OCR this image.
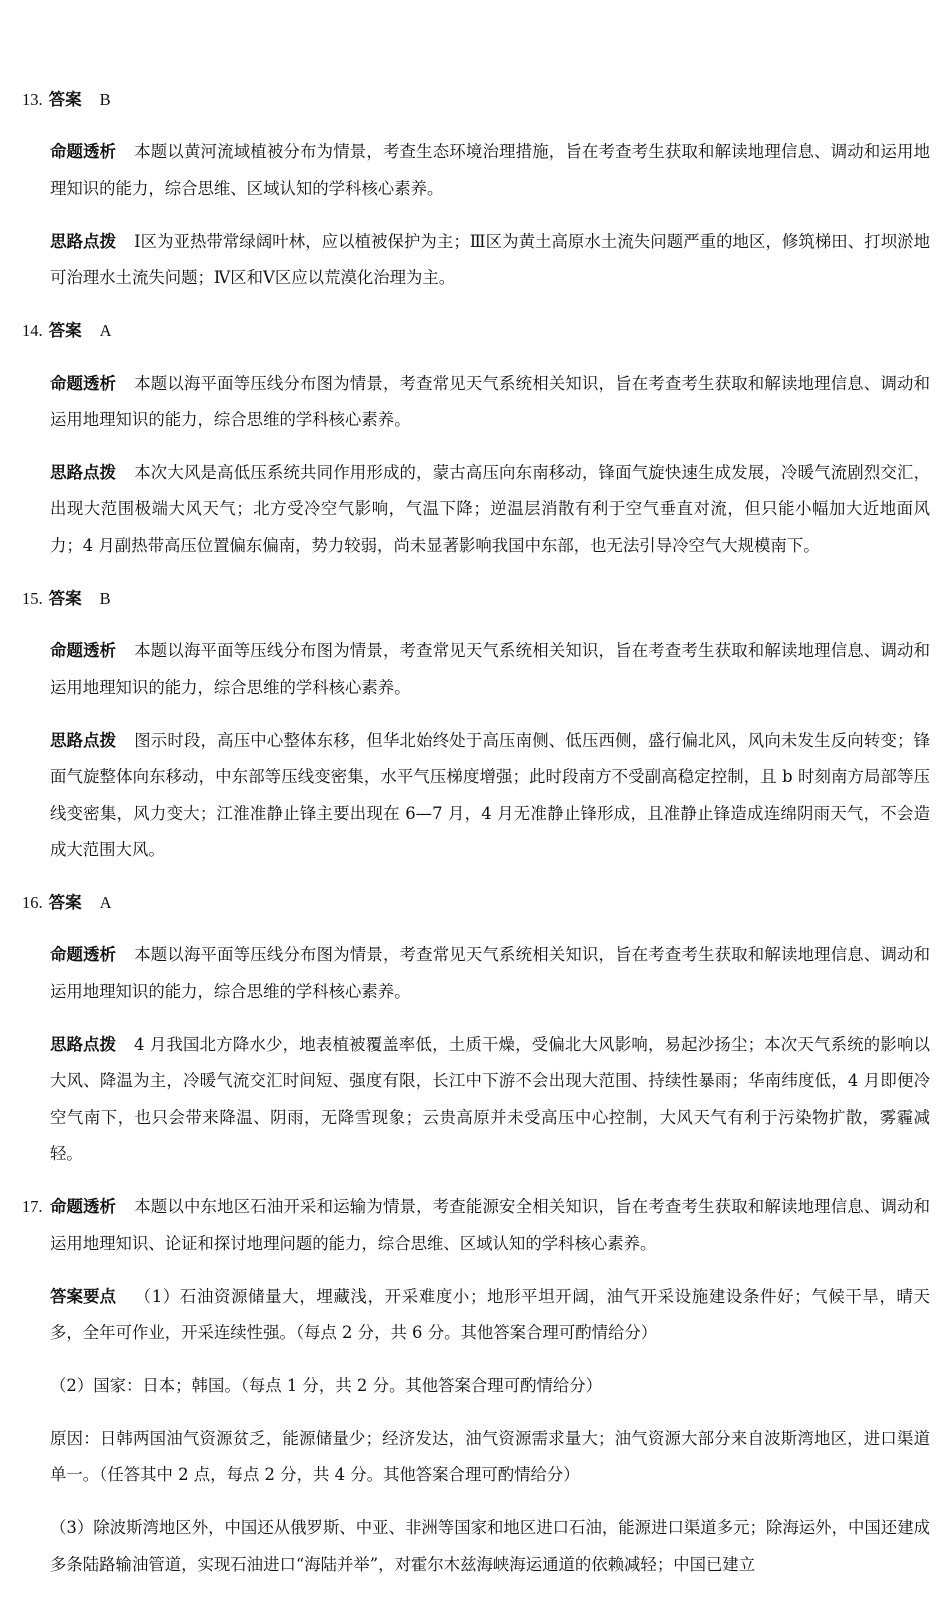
13. 答案 B

命题透析 本题以黄河流域植被分布为情景，考查生态环境治理措施，旨在考查考生获取和解读地理信息、调动和运用地理知识的能力，综合思维、区域认知的学科核心素养。

思路点拨 Ⅰ区为亚热带常绿阔叶林，应以植被保护为主；Ⅲ区为黄土高原水土流失问题严重的地区，修筑梯田、打坝淤地可治理水土流失问题；Ⅳ区和Ⅴ区应以荒漠化治理为主。

14. 答案 A

命题透析 本题以海平面等压线分布图为情景，考查常见天气系统相关知识，旨在考查考生获取和解读地理信息、调动和运用地理知识的能力，综合思维的学科核心素养。

思路点拨 本次大风是高低压系统共同作用形成的，蒙古高压向东南移动，锋面气旋快速生成发展，冷暖气流剧烈交汇，出现大范围极端大风天气；北方受冷空气影响，气温下降；逆温层消散有利于空气垂直对流，但只能小幅加大近地面风力；4 月副热带高压位置偏东偏南，势力较弱，尚未显著影响我国中东部，也无法引导冷空气大规模南下。

15. 答案 B

命题透析 本题以海平面等压线分布图为情景，考查常见天气系统相关知识，旨在考查考生获取和解读地理信息、调动和运用地理知识的能力，综合思维的学科核心素养。

思路点拨 图示时段，高压中心整体东移，但华北始终处于高压南侧、低压西侧，盛行偏北风，风向未发生反向转变；锋面气旋整体向东移动，中东部等压线变密集，水平气压梯度增强；此时段南方不受副高稳定控制，且 b 时刻南方局部等压线变密集，风力变大；江淮准静止锋主要出现在 6—7 月，4 月无准静止锋形成，且准静止锋造成连绵阴雨天气，不会造成大范围大风。

16. 答案 A

命题透析 本题以海平面等压线分布图为情景，考查常见天气系统相关知识，旨在考查考生获取和解读地理信息、调动和运用地理知识的能力，综合思维的学科核心素养。

思路点拨 4 月我国北方降水少，地表植被覆盖率低，土质干燥，受偏北大风影响，易起沙扬尘；本次天气系统的影响以大风、降温为主，冷暖气流交汇时间短、强度有限，长江中下游不会出现大范围、持续性暴雨；华南纬度低，4 月即便冷空气南下，也只会带来降温、阴雨，无降雪现象；云贵高原并未受高压中心控制，大风天气有利于污染物扩散，雾霾减轻。

17. 命题透析 本题以中东地区石油开采和运输为情景，考查能源安全相关知识，旨在考查考生获取和解读地理信息、调动和运用地理知识、论证和探讨地理问题的能力，综合思维、区域认知的学科核心素养。

答案要点 （1）石油资源储量大，埋藏浅，开采难度小；地形平坦开阔，油气开采设施建设条件好；气候干旱，晴天多，全年可作业，开采连续性强。（每点 2 分，共 6 分。其他答案合理可酌情给分）

（2）国家：日本；韩国。（每点 1 分，共 2 分。其他答案合理可酌情给分）

原因：日韩两国油气资源贫乏，能源储量少；经济发达，油气资源需求量大；油气资源大部分来自波斯湾地区，进口渠道单一。（任答其中 2 点，每点 2 分，共 4 分。其他答案合理可酌情给分）

（3）除波斯湾地区外，中国还从俄罗斯、中亚、非洲等国家和地区进口石油，能源进口渠道多元；除海运外，中国还建成多条陆路输油管道，实现石油进口“海陆并举”，对霍尔木兹海峡海运通道的依赖减轻；中国已建立
